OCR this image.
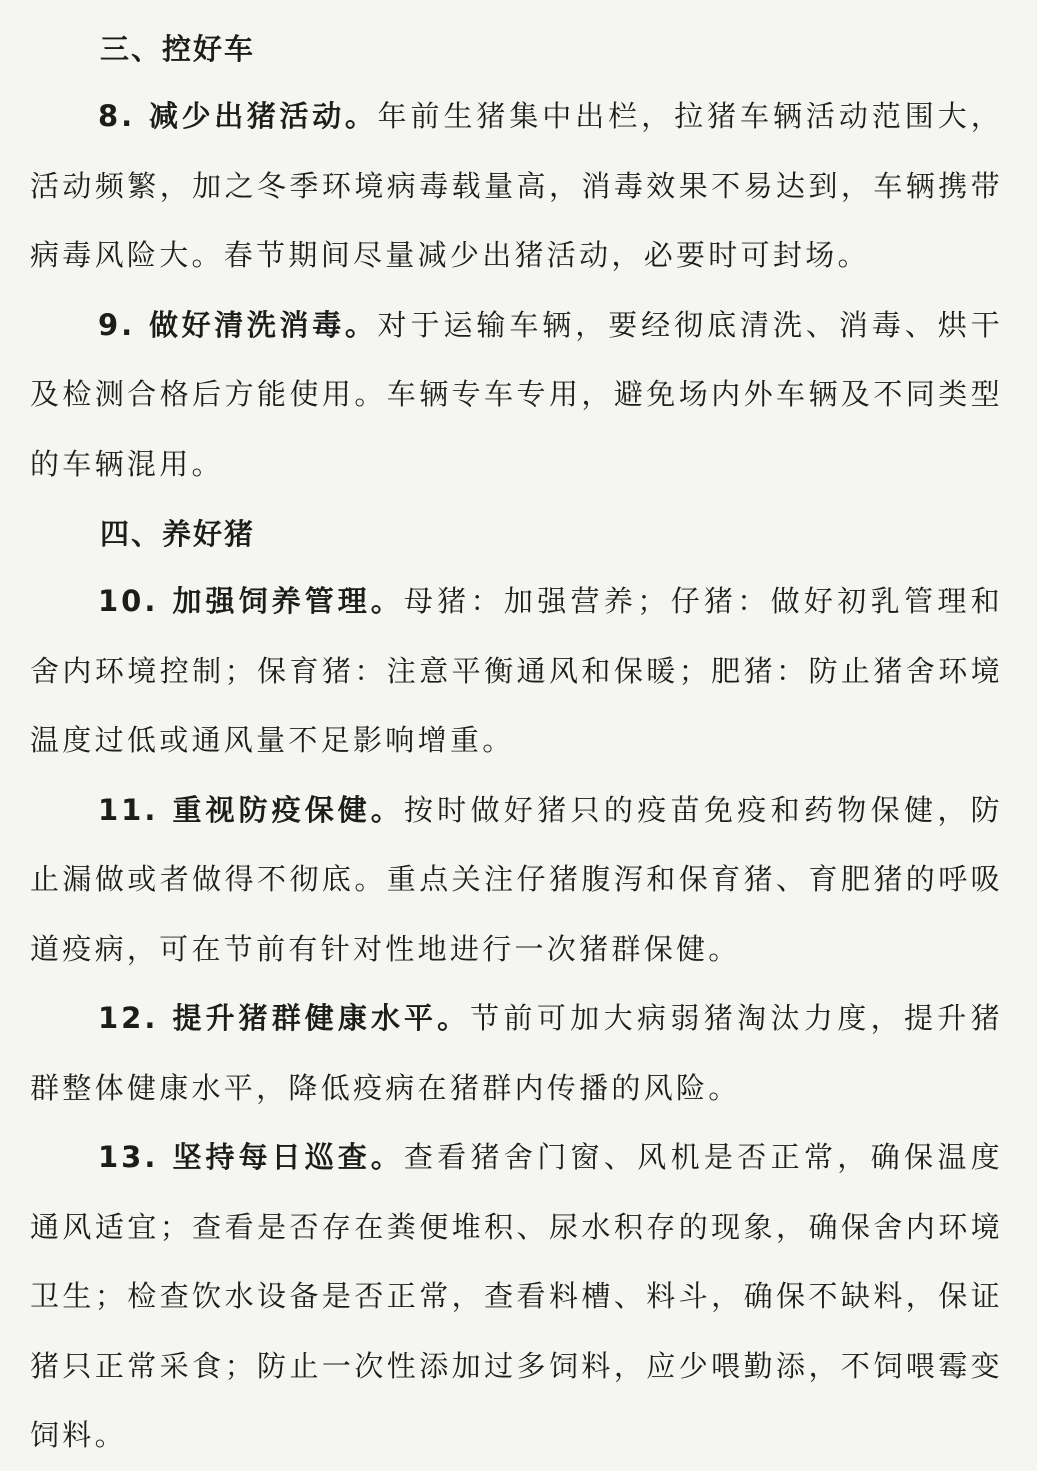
三、控好车

8. 减少出猪活动。年前生猪集中出栏，拉猪车辆活动范围大，活动频繁，加之冬季环境病毒载量高，消毒效果不易达到，车辆携带病毒风险大。春节期间尽量减少出猪活动，必要时可封场。

9. 做好清洗消毒。对于运输车辆，要经彻底清洗、消毒、烘干及检测合格后方能使用。车辆专车专用，避免场内外车辆及不同类型的车辆混用。

四、养好猪

10. 加强饲养管理。母猪：加强营养；仔猪：做好初乳管理和舍内环境控制；保育猪：注意平衡通风和保暖；肥猪：防止猪舍环境温度过低或通风量不足影响增重。

11. 重视防疫保健。按时做好猪只的疫苗免疫和药物保健，防止漏做或者做得不彻底。重点关注仔猪腹泻和保育猪、育肥猪的呼吸道疫病，可在节前有针对性地进行一次猪群保健。

12. 提升猪群健康水平。节前可加大病弱猪淘汰力度，提升猪群整体健康水平，降低疫病在猪群内传播的风险。

13. 坚持每日巡查。查看猪舍门窗、风机是否正常，确保温度通风适宜；查看是否存在粪便堆积、尿水积存的现象，确保舍内环境卫生；检查饮水设备是否正常，查看料槽、料斗，确保不缺料，保证猪只正常采食；防止一次性添加过多饲料，应少喂勤添，不饲喂霉变饲料。
